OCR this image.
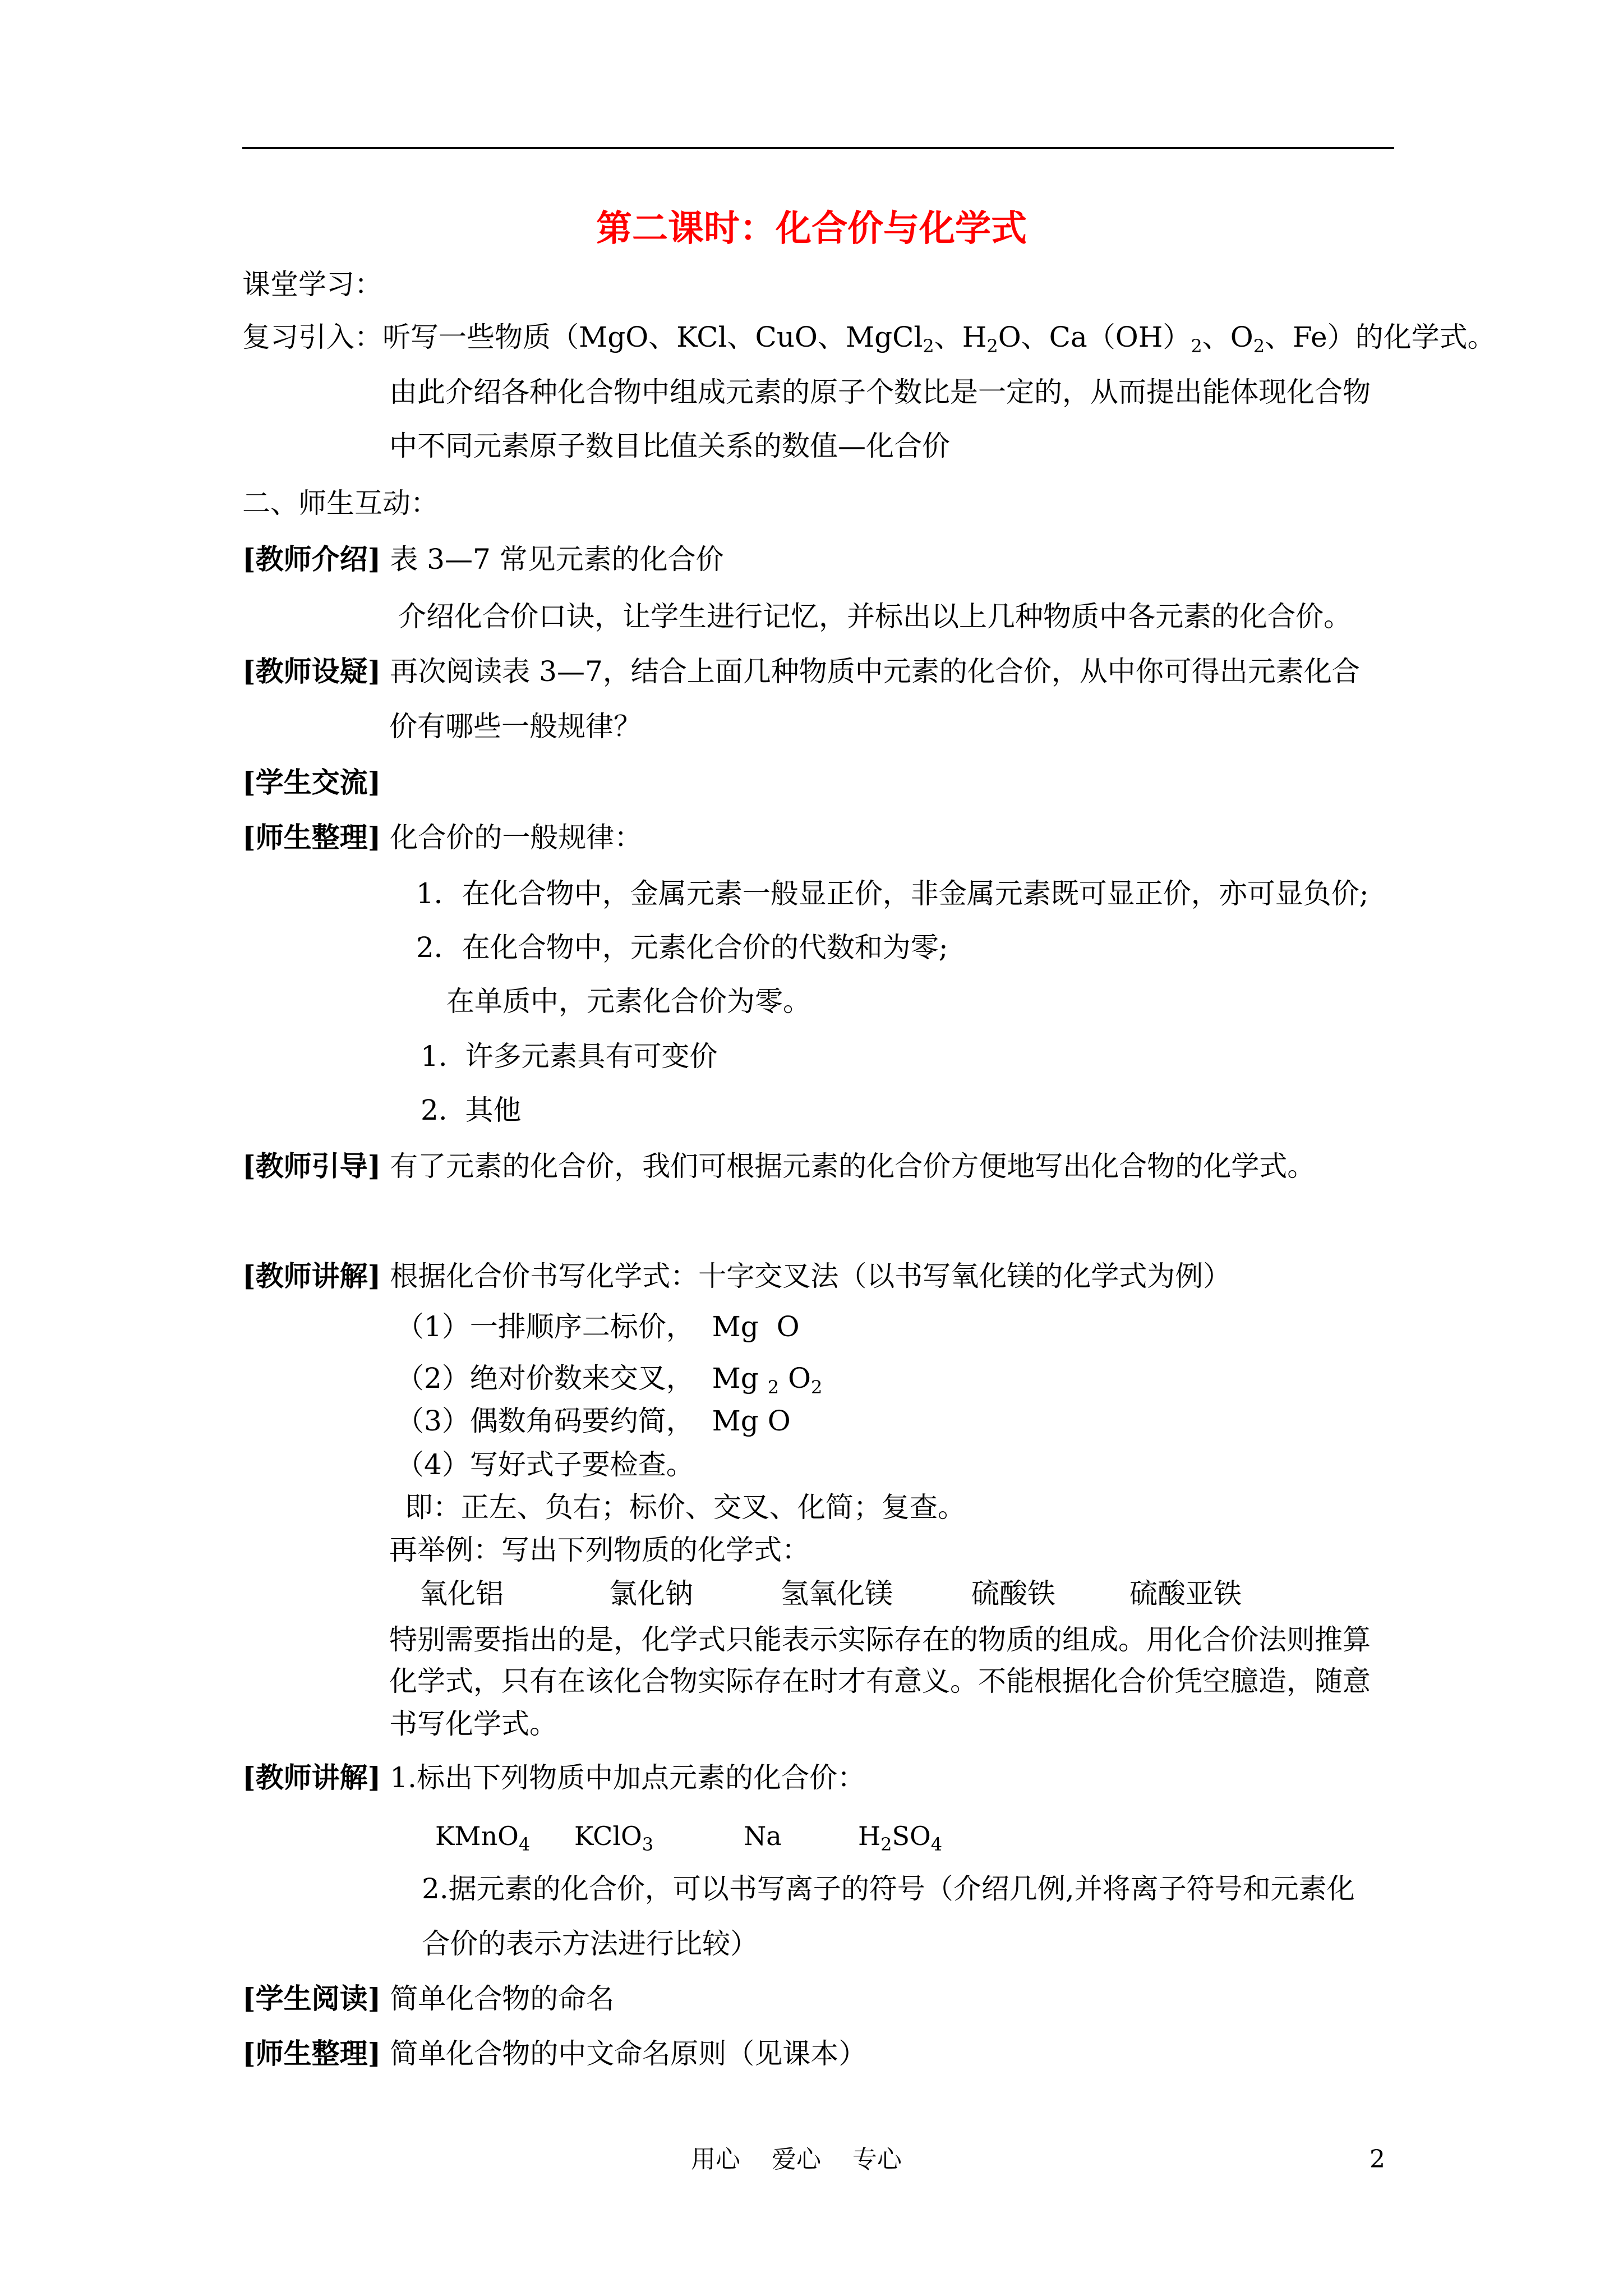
第二课时：化合价与化学式
课堂学习：
复习引入：听写一些物质（MgO、KCl、CuO、MgCl$_2$、$H_2O$、$Ca(OH)_2$、$O_2$、Fe）的化学式。
由此介绍各种化合物中组成元素的原子个数比是一定的，从而提出能体现化合物
中不同元素原子数目比值关系的数值—化合价
二、师生互动：
[教师介绍] 表 3—7 常见元素的化合价
介绍化合价口诀，让学生进行记忆，并标出以上几种物质中各元素的化合价。
[教师设疑] 再次阅读表 3—7，结合上面几种物质中元素的化合价，从中你可得出元素化合
价有哪些一般规律？
[学生交流]
[师生整理] 化合价的一般规律：
1．在化合物中，金属元素一般显正价，非金属元素既可显正价，亦可显负价;
2．在化合物中，元素化合价的代数和为零;
在单质中，元素化合价为零。
1.  许多元素具有可变价
2.  其他
[教师引导] 有了元素的化合价，我们可根据元素的化合价方便地写出化合物的化学式。
[教师讲解] 根据化合价书写化学式：十字交叉法（以书写氧化镁的化学式为例）
（1）一排顺序二标价，  Mg  O
（2）绝对价数来交叉，  Mg $_2$ $O_2$
（3）偶数角码要约简，  Mg O
（4）写好式子要检查。
即：正左、负右；标价、交叉、化简；复查。
再举例：写出下列物质的化学式：
氧化铝	氯化钠	氢氧化镁	硫酸铁	硫酸亚铁
特别需要指出的是，化学式只能表示实际存在的物质的组成。用化合价法则推算
化学式，只有在该化合物实际存在时才有意义。不能根据化合价凭空臆造，随意
书写化学式。
[教师讲解] 1.标出下列物质中加点元素的化合价：
KMnO$_4$ KClO$_3$	Na	$H_2SO_4$
2.据元素的化合价，可以书写离子的符号（介绍几例,并将离子符号和元素化
合价的表示方法进行比较）
[学生阅读] 简单化合物的命名
[师生整理] 简单化合物的中文命名原则（见课本）
用心    爱心    专心	2
